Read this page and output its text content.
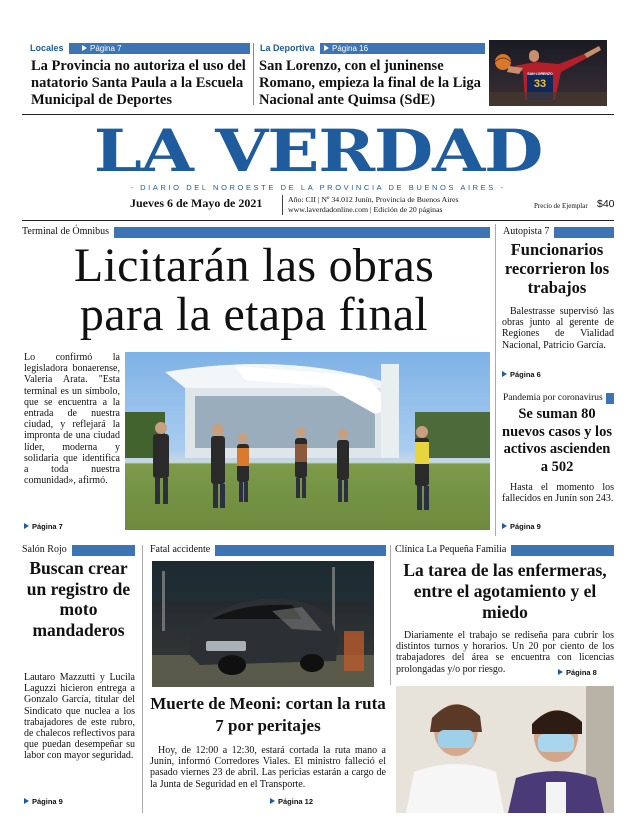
Locales	Página 7
La Provincia no autoriza el uso del natatorio Santa Paula a la Escuela Municipal de Deportes
La Deportiva	Página 16
San Lorenzo, con el juninense Romano, empieza la final de la Liga Nacional ante Quimsa (SdE)
SAN LORENZO
33
LA VERDAD
- DIARIO DEL NOROESTE DE LA PROVINCIA DE BUENOS AIRES -
Jueves 6 de Mayo de 2021	Año: CII | Nº 34.012 Junín, Provincia de Buenos Aires
www.laverdadonline.com | Edición de 20 páginas	Precio de Ejemplar $40
Terminal de Ómnibus
Licitarán las obras
para la etapa final
Lo confirmó la legisladora bonaerense, Valeria Arata. "Esta terminal es un símbolo, que se encuentra a la entrada de nuestra ciudad, y reflejará la impronta de una ciudad líder, moderna y solidaria que identifica a toda nuestra comunidad», afirmó.
Página 7
Autopista 7
Funcionarios recorrieron los trabajos
Balestrasse supervisó las obras junto al gerente de Regiones de Vialidad Nacional, Patricio García.
Página 6
Pandemia por coronavirus
Se suman 80 nuevos casos y los activos ascienden a 502
Hasta el momento los fallecidos en Junín son 243.
Página 9
Salón Rojo
Buscan crear un registro de moto mandaderos
Lautaro Mazzutti y Lucila Laguzzi hicieron entrega a Gonzalo García, titular del Sindicato que nuclea a los trabajadores de este rubro, de chalecos reflectivos para que puedan desempeñar su labor con mayor seguridad.
Página 9
Fatal accidente
Muerte de Meoni: cortan la ruta 7 por peritajes
Hoy, de 12:00 a 12:30, estará cortada la ruta mano a Junín, informó Corredores Viales. El ministro falleció el pasado viernes 23 de abril. Las pericias estarán a cargo de la Junta de Seguridad en el Transporte.
Página 12
Clínica La Pequeña Familia
La tarea de las enfermeras, entre el agotamiento y el miedo
Diariamente el trabajo se rediseña para cubrir los distintos turnos y horarios. Un 20 por ciento de los trabajadores del área se encuentra con licencias prolongadas y/o por riesgo.	Página 8
